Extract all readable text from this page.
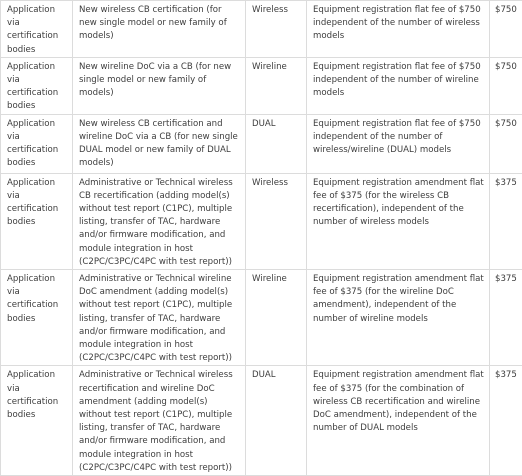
Application via certification bodies	New wireless CB certification (for new single model or new family of models)	Wireless	Equipment registration flat fee of $750 independent of the number of wireless models	$750
Application via certification bodies	New wireline DoC via a CB (for new single model or new family of models)	Wireline	Equipment registration flat fee of $750 independent of the number of wireline models	$750
Application via certification bodies	New wireless CB certification and wireline DoC via a CB (for new single DUAL model or new family of DUAL models)	DUAL	Equipment registration flat fee of $750 independent of the number of wireless/wireline (DUAL) models	$750
Application via certification bodies	Administrative or Technical wireless CB recertification (adding model(s) without test report (C1PC), multiple listing, transfer of TAC, hardware and/or firmware modification, and module integration in host (C2PC/C3PC/C4PC with test report))	Wireless	Equipment registration amendment flat fee of $375 (for the wireless CB recertification), independent of the number of wireless models	$375
Application via certification bodies	Administrative or Technical wireline DoC amendment (adding model(s) without test report (C1PC), multiple listing, transfer of TAC, hardware and/or firmware modification, and module integration in host (C2PC/C3PC/C4PC with test report))	Wireline	Equipment registration amendment flat fee of $375 (for the wireline DoC amendment), independent of the number of wireline models	$375
Application via certification bodies	Administrative or Technical wireless recertification and wireline DoC amendment (adding model(s) without test report (C1PC), multiple listing, transfer of TAC, hardware and/or firmware modification, and module integration in host (C2PC/C3PC/C4PC with test report))	DUAL	Equipment registration amendment flat fee of $375 (for the combination of wireless CB recertification and wireline DoC amendment), independent of the number of DUAL models	$375
